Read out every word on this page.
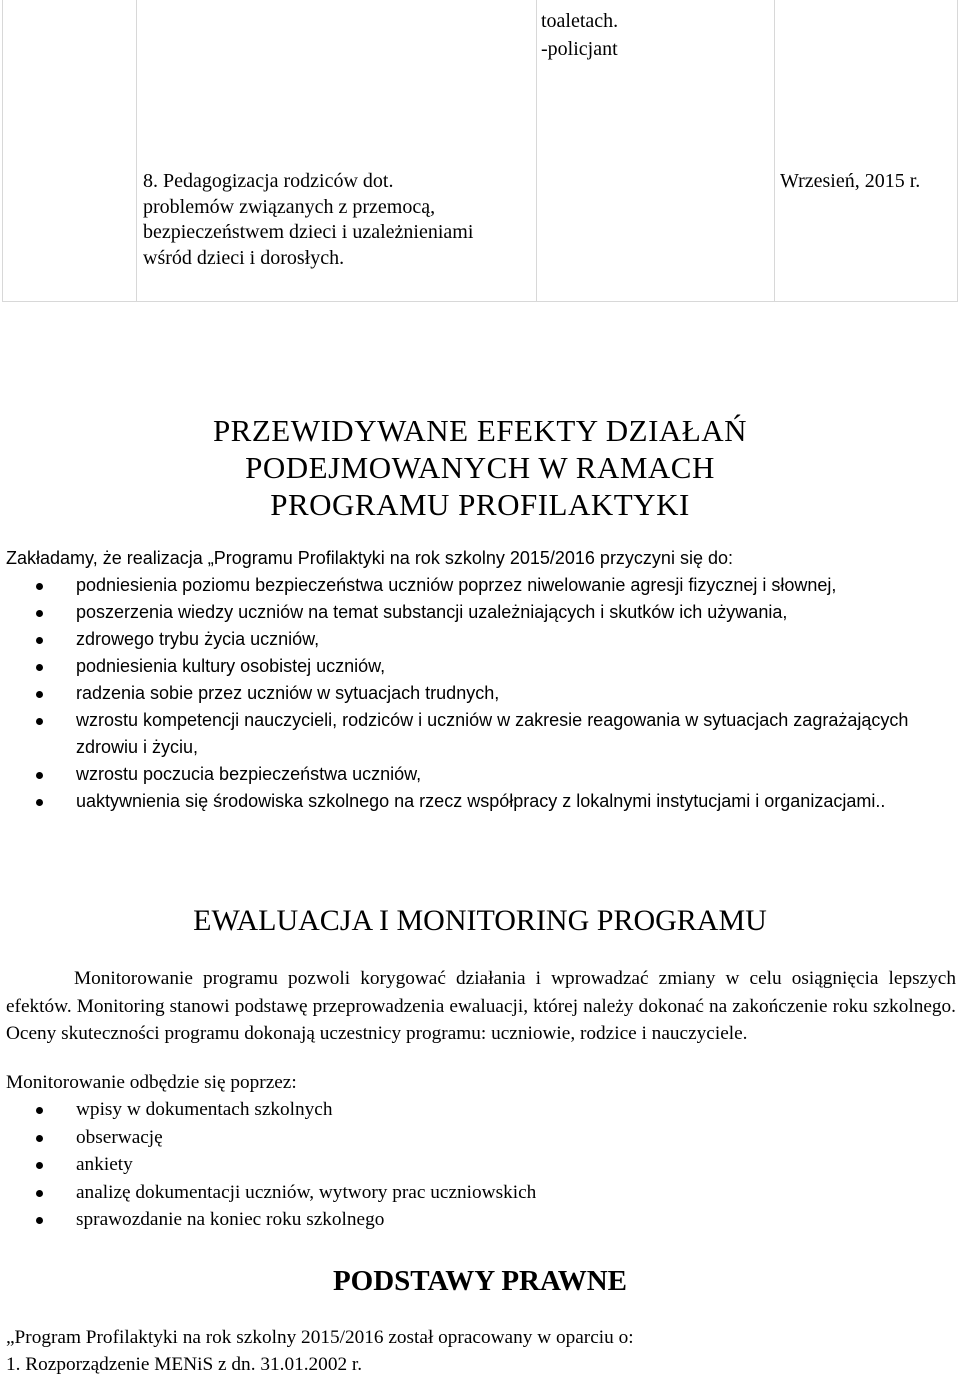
toaletach.
-policjant
8. Pedagogizacja rodziców dot.
problemów związanych z przemocą,
bezpieczeństwem dzieci i uzależnieniami
wśród dzieci i dorosłych.
Wrzesień, 2015 r.
PRZEWIDYWANE EFEKTY DZIAŁAŃ
PODEJMOWANYCH W RAMACH
PROGRAMU PROFILAKTYKI
Zakładamy, że realizacja „Programu Profilaktyki na rok szkolny 2015/2016 przyczyni się do:
podniesienia poziomu bezpieczeństwa uczniów poprzez niwelowanie agresji fizycznej i słownej,
poszerzenia wiedzy uczniów na temat substancji uzależniających i skutków ich używania,
zdrowego trybu życia uczniów,
podniesienia kultury osobistej uczniów,
radzenia sobie przez uczniów w sytuacjach trudnych,
wzrostu kompetencji nauczycieli, rodziców i uczniów w zakresie reagowania w sytuacjach zagrażających zdrowiu i życiu,
wzrostu poczucia bezpieczeństwa uczniów,
uaktywnienia się środowiska szkolnego na rzecz współpracy z lokalnymi instytucjami i organizacjami..
EWALUACJA I MONITORING PROGRAMU
Monitorowanie programu pozwoli korygować działania i wprowadzać zmiany w celu osiągnięcia lepszych efektów. Monitoring stanowi podstawę przeprowadzenia ewaluacji, której należy dokonać na zakończenie roku szkolnego. Oceny skuteczności programu dokonają uczestnicy programu: uczniowie, rodzice i nauczyciele.
Monitorowanie odbędzie się poprzez:
wpisy w dokumentach szkolnych
obserwację
ankiety
analizę dokumentacji uczniów, wytwory prac uczniowskich
sprawozdanie na koniec roku szkolnego
PODSTAWY PRAWNE
„Program Profilaktyki na rok szkolny 2015/2016 został opracowany w oparciu o:
1. Rozporządzenie MENiS z dn. 31.01.2002 r.
